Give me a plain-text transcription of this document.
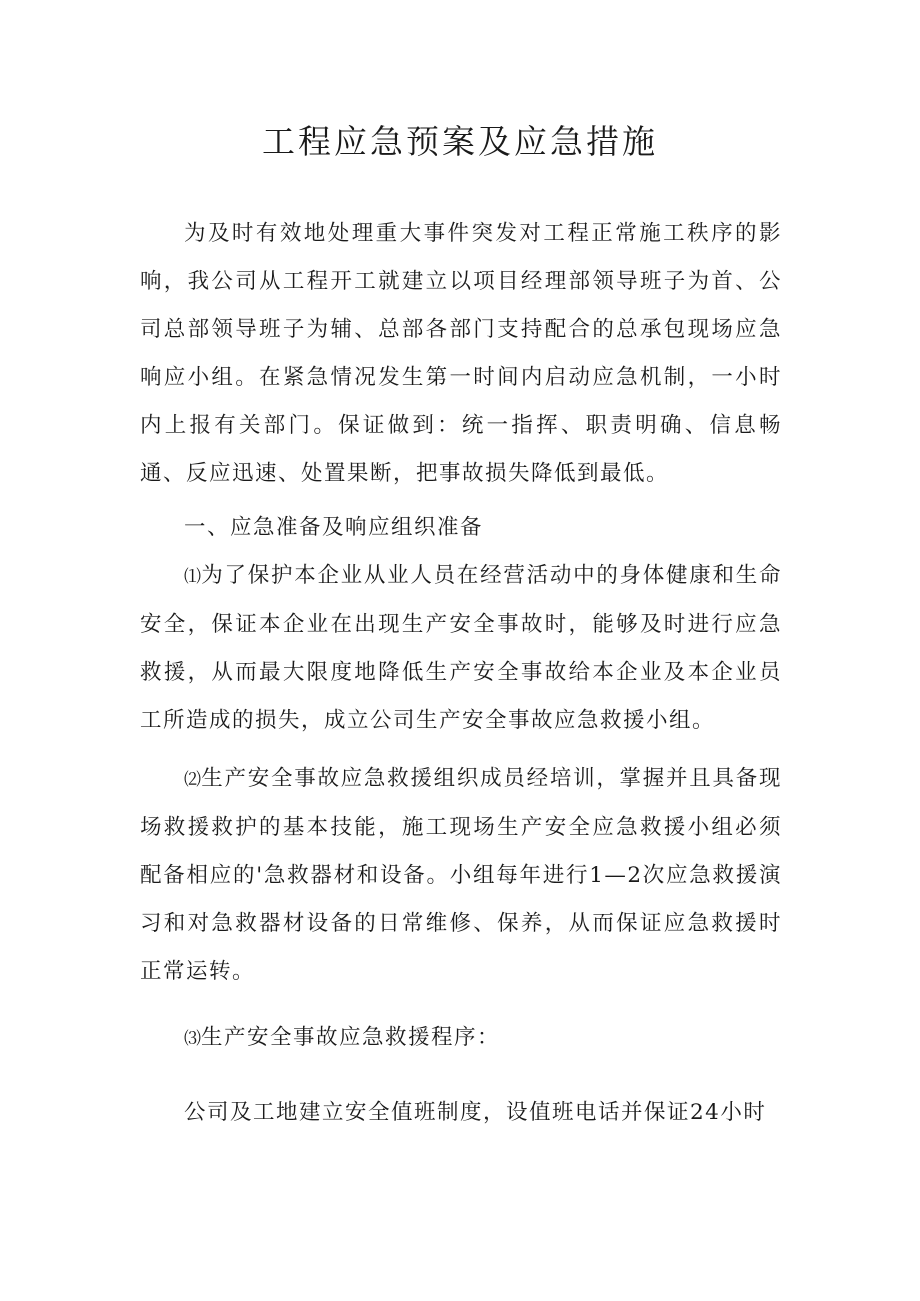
工程应急预案及应急措施

为及时有效地处理重大事件突发对工程正常施工秩序的影响，我公司从工程开工就建立以项目经理部领导班子为首、公司总部领导班子为辅、总部各部门支持配合的总承包现场应急响应小组。在紧急情况发生第一时间内启动应急机制，一小时内上报有关部门。保证做到：统一指挥、职责明确、信息畅通、反应迅速、处置果断，把事故损失降低到最低。

一、应急准备及响应组织准备

⑴为了保护本企业从业人员在经营活动中的身体健康和生命安全，保证本企业在出现生产安全事故时，能够及时进行应急救援，从而最大限度地降低生产安全事故给本企业及本企业员工所造成的损失，成立公司生产安全事故应急救援小组。

⑵生产安全事故应急救援组织成员经培训，掌握并且具备现场救援救护的基本技能，施工现场生产安全应急救援小组必须配备相应的'急救器材和设备。小组每年进行1—2次应急救援演习和对急救器材设备的日常维修、保养，从而保证应急救援时正常运转。

⑶生产安全事故应急救援程序：

公司及工地建立安全值班制度，设值班电话并保证24小时
